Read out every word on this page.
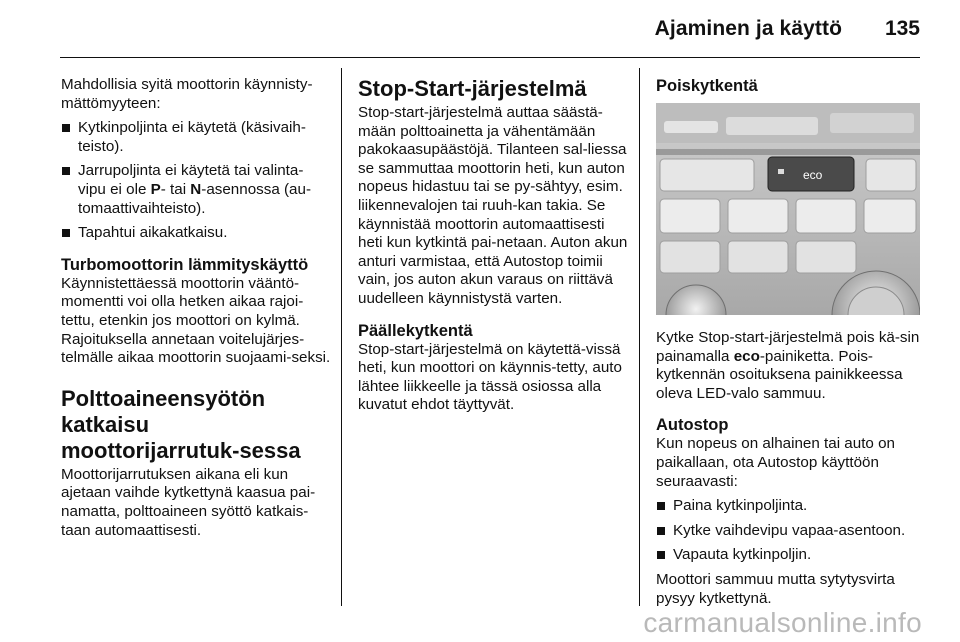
Ajaminen ja käyttö 135

Mahdollisia syitä moottorin käynnisty-mättömyyteen:

Kytkinpoljinta ei käytetä (käsivaih-teisto).
Jarrupoljinta ei käytetä tai valinta-vipu ei ole P- tai N-asennossa (au-tomaattivaihteisto).
Tapahtui aikakatkaisu.
Turbomoottorin lämmityskäyttö

Käynnistettäessä moottorin vääntö-momentti voi olla hetken aikaa rajoi-tettu, etenkin jos moottori on kylmä. Rajoituksella annetaan voitelujärjes-telmälle aikaa moottorin suojaami-seksi.

Polttoaineensyötön katkaisu moottorijarrutuk-sessa

Moottorijarrutuksen aikana eli kun ajetaan vaihde kytkettynä kaasua pai-namatta, polttoaineen syöttö katkais-taan automaattisesti.

Stop-Start-järjestelmä

Stop-start-järjestelmä auttaa säästä-mään polttoainetta ja vähentämään pakokaasupäästöjä. Tilanteen sal-liessa se sammuttaa moottorin heti, kun auton nopeus hidastuu tai se py-sähtyy, esim. liikennevalojen tai ruuh-kan takia. Se käynnistää moottorin automaattisesti heti kun kytkintä pai-netaan. Auton akun anturi varmistaa, että Autostop toimii vain, jos auton akun varaus on riittävä uudelleen käynnistystä varten.

Päällekytkentä

Stop-start-järjestelmä on käytettä-vissä heti, kun moottori on käynnis-tetty, auto lähtee liikkeelle ja tässä osiossa alla kuvatut ehdot täyttyvät.

Poiskytkentä
eco

Kytke Stop-start-järjestelmä pois kä-sin painamalla eco-painiketta. Pois-kytkennän osoituksena painikkeessa oleva LED-valo sammuu.

Autostop

Kun nopeus on alhainen tai auto on paikallaan, ota Autostop käyttöön seuraavasti:

Paina kytkinpoljinta.
Kytke vaihdevipu vapaa-asentoon.
Vapauta kytkinpoljin.

Moottori sammuu mutta sytytysvirta pysyy kytkettynä.

carmanualsonline.info
